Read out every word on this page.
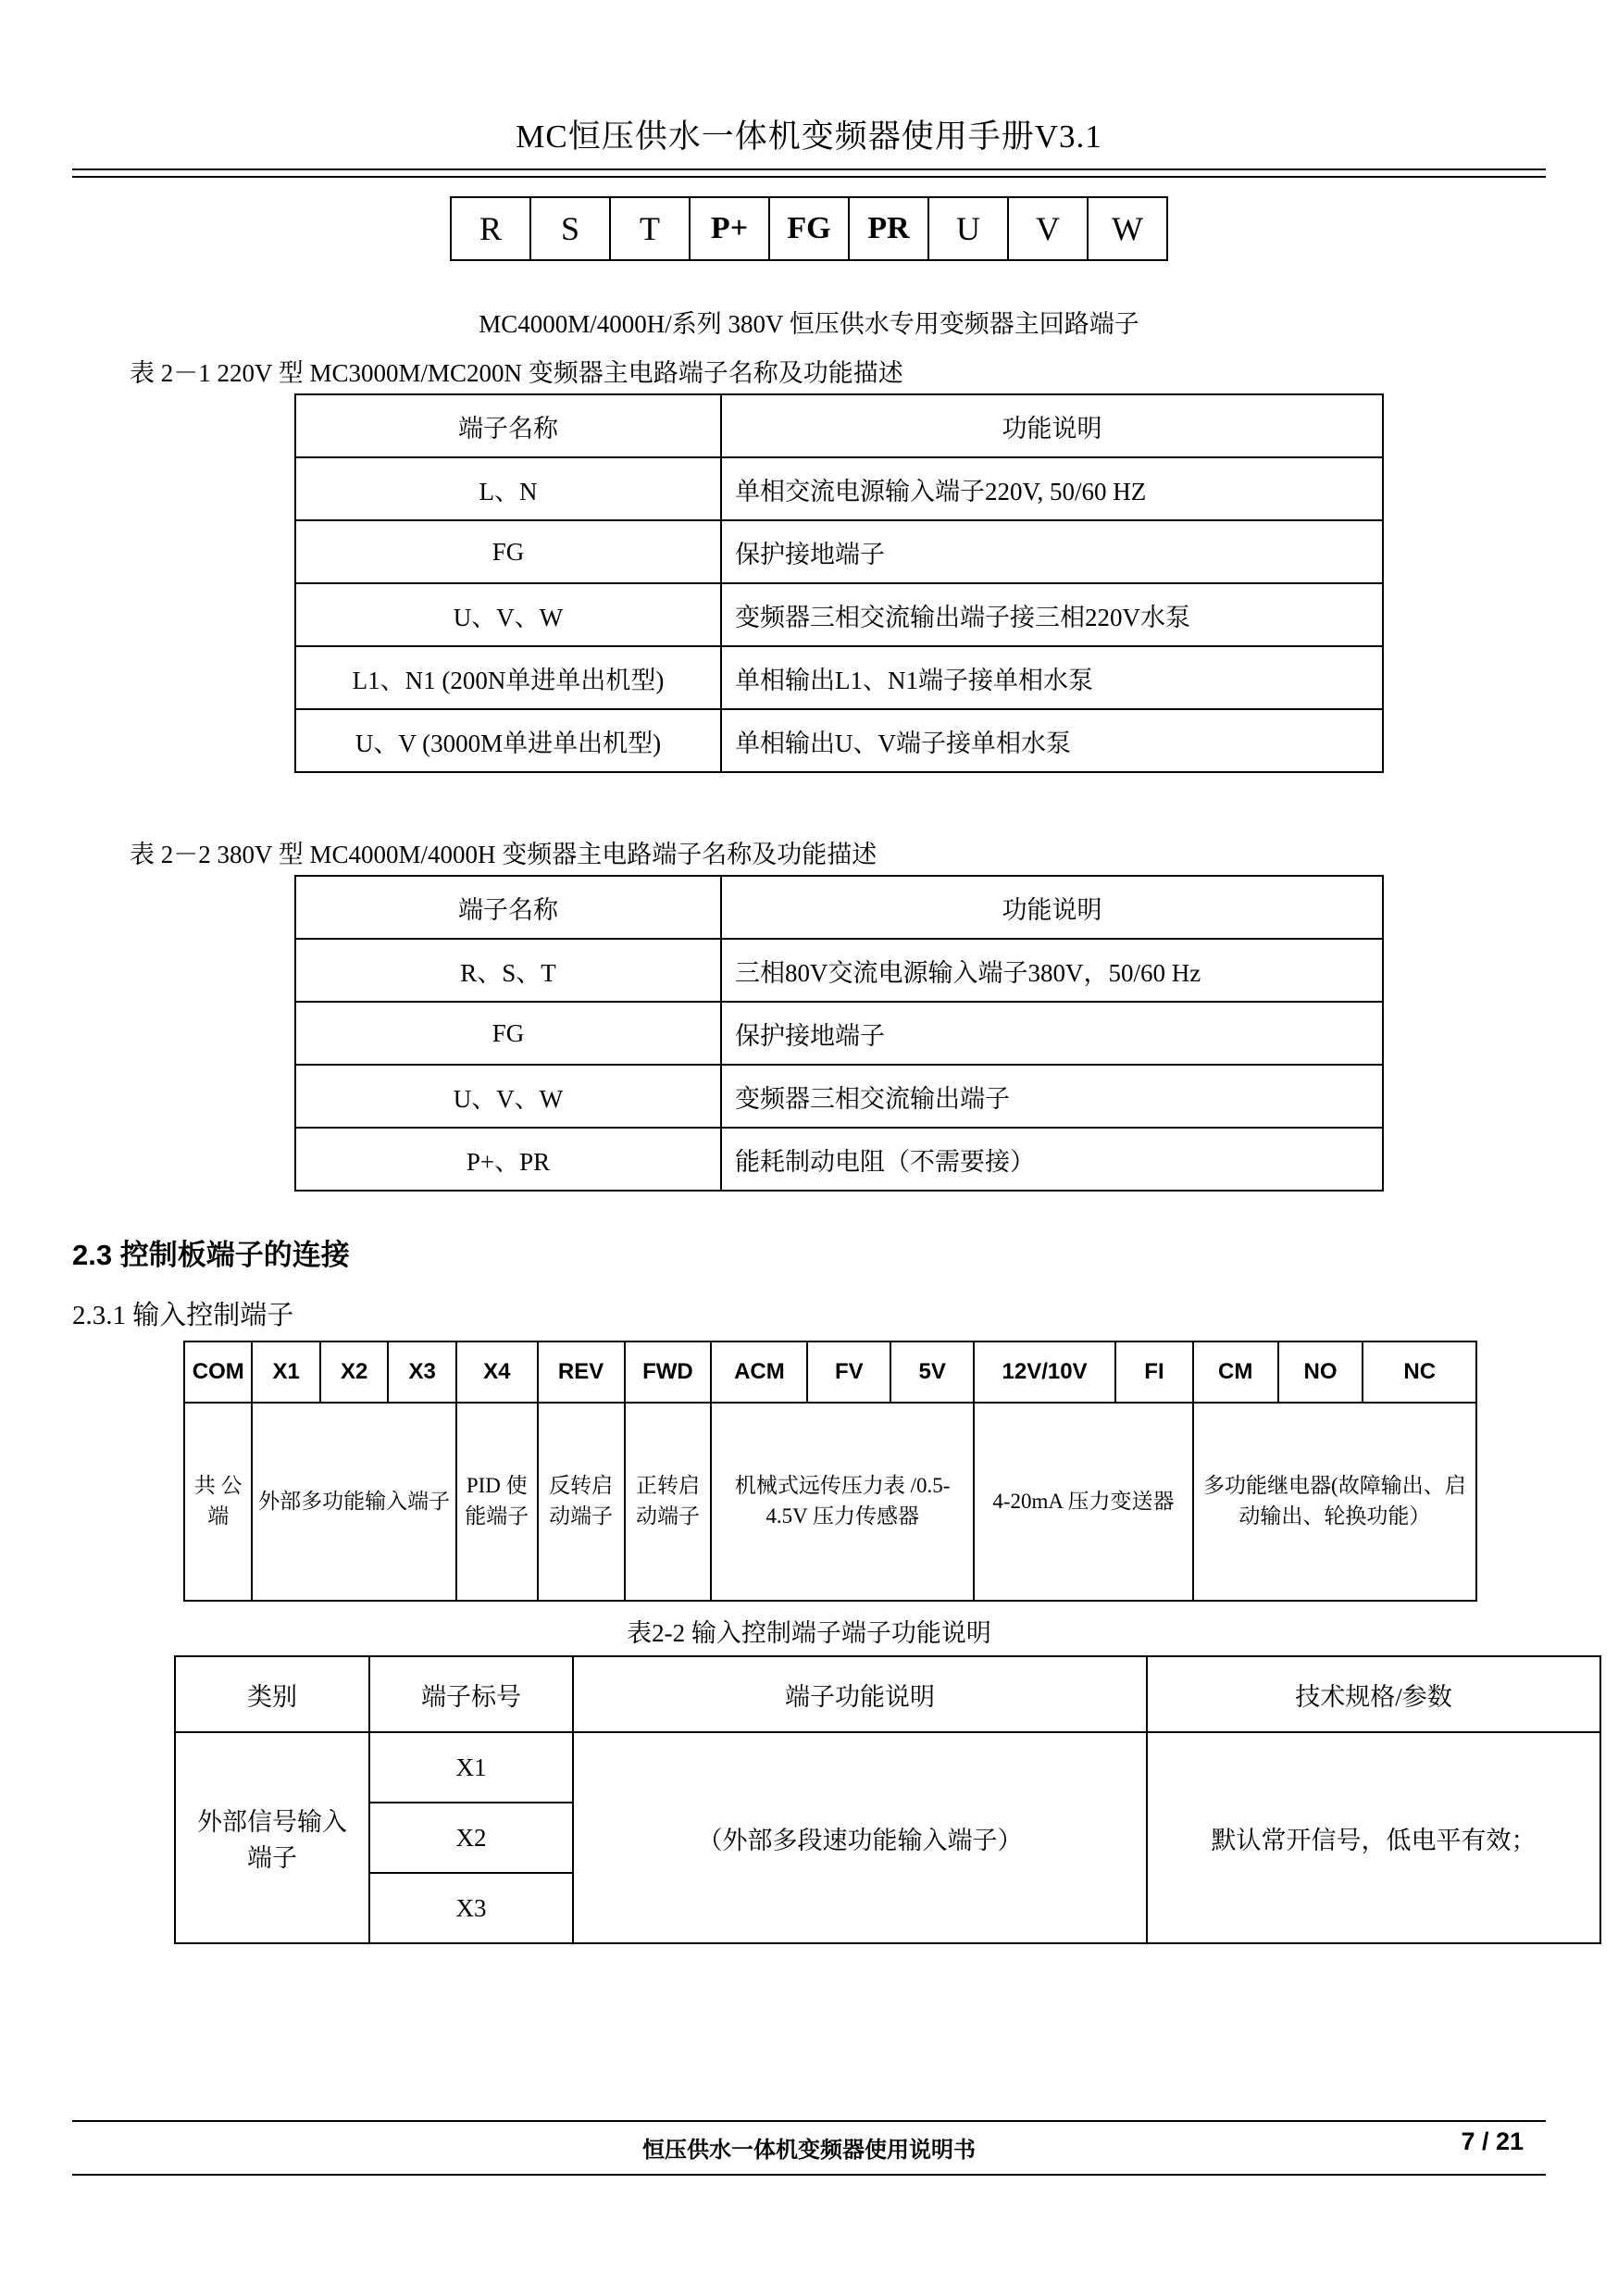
MC恒压供水一体机变频器使用手册V3.1
R	S	T	P+	FG	PR	U	V	W
MC4000M/4000H/系列 380V 恒压供水专用变频器主回路端子
表 2－1 220V 型 MC3000M/MC200N 变频器主电路端子名称及功能描述
端子名称	功能说明
L、N	单相交流电源输入端子220V, 50/60 HZ
FG	保护接地端子
U、V、W	变频器三相交流输出端子接三相220V水泵
L1、N1 (200N单进单出机型)	单相输出L1、N1端子接单相水泵
U、V (3000M单进单出机型)	单相输出U、V端子接单相水泵
表 2－2 380V 型 MC4000M/4000H 变频器主电路端子名称及功能描述
端子名称	功能说明
R、S、T	三相80V交流电源输入端子380V，50/60 Hz
FG	保护接地端子
U、V、W	变频器三相交流输出端子
P+、PR	能耗制动电阻（不需要接）
2.3 控制板端子的连接
2.3.1 输入控制端子
COM	X1	X2	X3	X4	REV	FWD	ACM	FV	5V	12V/10V	FI	CM	NO	NC
共 公 端	外部多功能输入端子			PID 使能端子	反转启动端子	正转启动端子	机械式远传压力表 /0.5-4.5V 压力传感器			4-20mA 压力变送器		多功能继电器(故障输出、启动输出、轮换功能）		
表2-2 输入控制端子端子功能说明
类别	端子标号	端子功能说明	技术规格/参数
外部信号输入端子	X1	（外部多段速功能输入端子）	默认常开信号，低电平有效；
	X2		
	X3		
恒压供水一体机变频器使用说明书	7 / 21
